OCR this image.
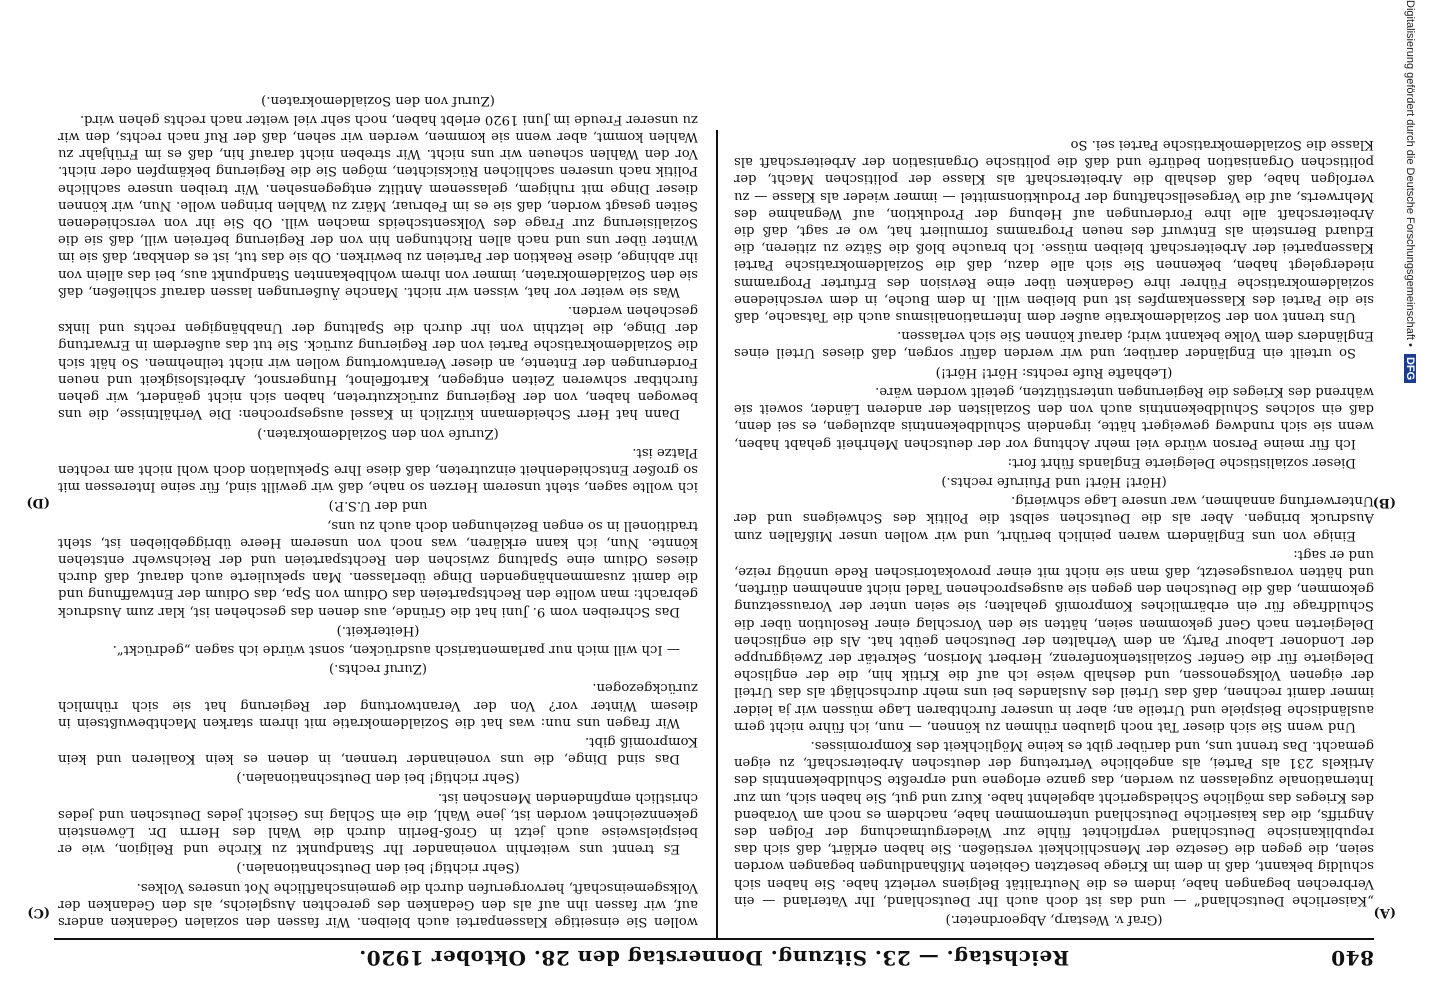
840
Reichstag. — 23. Sitzung. Donnerstag den 28. Oktober 1920.
(A)
(B)
(C)
(D)

(Graf v. Westarp, Abgeordneter.)

„Kaiserliche Deutschland“ — und das ist doch auch Ihr Deutschland, Ihr Vaterland — ein Verbrechen begangen habe, indem es die Neutralität Belgiens verletzt habe. Sie haben sich schuldig bekannt, daß in dem im Kriege besetzten Gebieten Mißhandlungen begangen worden seien, die gegen die Gesetze der Menschlichkeit verstießen. Sie haben erklärt, daß sich das republikanische Deutschland verpflichtet fühle zur Wiedergutmachung der Folgen des Angriffs, die das kaiserliche Deutschland unternommen habe, nachdem es noch am Vorabend des Krieges das mögliche Schiedsgericht abgelehnt habe. Kurz und gut, Sie haben sich, um zur Internationale zugelassen zu werden, das ganze erlogene und erpreßte Schuldbekenntnis des Artikels 231 als Partei, als angebliche Vertretung der deutschen Arbeiterschaft, zu eigen gemacht. Das trennt uns, und darüber gibt es keine Möglichkeit des Kompromisses.

Und wenn Sie sich dieser Tat noch glauben rühmen zu können, — nun, ich führe nicht gern ausländische Beispiele und Urteile an; aber in unserer furchtbaren Lage müssen wir ja leider immer damit rechnen, daß das Urteil des Auslandes bei uns mehr durchschlägt als das Urteil der eigenen Volksgenossen, und deshalb weise ich auf die Kritik hin, die der englische Delegierte für die Genfer Sozialistenkonferenz, Herbert Morison, Sekretär der Zweiggruppe der Londoner Labour Party, an dem Verhalten der Deutschen geübt hat. Als die englischen Delegierten nach Genf gekommen seien, hätten sie den Vorschlag einer Resolution über die Schuldfrage für ein erbärmliches Kompromiß gehalten; sie seien unter der Voraussetzung gekommen, daß die Deutschen den gegen sie ausgesprochenen Tadel nicht annehmen dürften, und hätten vorausgesetzt, daß man sie nicht mit einer provokatorischen Rede unnötig reize, und er sagt:

Einige von uns Engländern waren peinlich berührt, und wir wollen unser Mißfallen zum Ausdruck bringen. Aber als die Deutschen selbst die Politik des Schweigens und der Unterwerfung annahmen, war unsere Lage schwierig.

(Hört! Hört! und Pfuirufe rechts.)

Dieser sozialistische Delegierte Englands führt fort:

Ich für meine Person würde viel mehr Achtung vor der deutschen Mehrheit gehabt haben, wenn sie sich rundweg geweigert hätte, irgendein Schuldbekenntnis abzulegen, es sei denn, daß ein solches Schuldbekenntnis auch von den Sozialisten der anderen Länder, soweit sie während des Krieges die Regierungen unterstützten, geteilt worden wäre.

(Lebhafte Rufe rechts: Hört! Hört!)

So urteilt ein Engländer darüber, und wir werden dafür sorgen, daß dieses Urteil eines Engländers dem Volke bekannt wird; darauf können Sie sich verlassen.

Uns trennt von der Sozialdemokratie außer dem Internationalismus auch die Tatsache, daß sie die Partei des Klassenkampfes ist und bleiben will. In dem Buche, in dem verschiedene sozialdemokratische Führer ihre Gedanken über eine Revision des Erfurter Programms niedergelegt haben, bekennen Sie sich alle dazu, daß die Sozialdemokratische Partei Klassenpartei der Arbeiterschaft bleiben müsse. Ich brauche bloß die Sätze zu zitieren, die Eduard Bernstein als Entwurf des neuen Programms formuliert hat, wo er sagt, daß die Arbeiterschaft alle ihre Forderungen auf Hebung der Produktion, auf Wegnahme des Mehrwerts, auf die Vergesellschaftung der Produktionsmittel — immer wieder als Klasse — zu verfolgen habe, daß deshalb die Arbeiterschaft als Klasse der politischen Macht, der politischen Organisation bedürfe und daß die politische Organisation der Arbeiterschaft als Klasse die Sozialdemokratische Partei sei. So

wollen Sie einseitige Klassenpartei auch bleiben. Wir fassen den sozialen Gedanken anders auf, wir fassen ihn auf als den Gedanken des gerechten Ausgleichs, als den Gedanken der Volksgemeinschaft, hervorgerufen durch die gemeinschaftliche Not unseres Volkes.

(Sehr richtig! bei den Deutschnationalen.)

Es trennt uns weiterhin voneinander Ihr Standpunkt zu Kirche und Religion, wie er beispielsweise auch jetzt in Groß-Berlin durch die Wahl des Herrn Dr. Löwenstein gekennzeichnet worden ist, jene Wahl, die ein Schlag ins Gesicht jedes Deutschen und jedes christlich empfindenden Menschen ist.

(Sehr richtig! bei den Deutschnationalen.)

Das sind Dinge, die uns voneinander trennen, in denen es kein Koalieren und kein Kompromiß gibt.

Wir fragen uns nun: was hat die Sozialdemokratie mit ihrem starken Machtbewußtsein in diesem Winter vor? Von der Verantwortung der Regierung hat sie sich rühmlich zurückgezogen.

(Zuruf rechts.)

— Ich will mich nur parlamentarisch ausdrücken, sonst würde ich sagen „gedrückt“.

(Heiterkeit.)

Das Schreiben vom 9. Juni hat die Gründe, aus denen das geschehen ist, klar zum Ausdruck gebracht: man wollte den Rechtsparteien das Odium von Spa, das Odium der Entwaffnung und die damit zusammenhängenden Dinge überlassen. Man spekulierte auch darauf, daß durch dieses Odium eine Spaltung zwischen den Rechtsparteien und der Reichswehr entstehen könnte. Nun, ich kann erklären, was noch von unserem Heere übriggeblieben ist, steht traditionell in so engen Beziehungen doch auch zu uns,

und der U.S.P.)

ich wollte sagen, steht unserem Herzen so nahe, daß wir gewillt sind, für seine Interessen mit so großer Entschiedenheit einzutreten, daß diese Ihre Spekulation doch wohl nicht am rechten Platze ist.

(Zurufe von den Sozialdemokraten.)

Dann hat Herr Scheidemann kürzlich in Kassel ausgesprochen: Die Verhältnisse, die uns bewogen haben, von der Regierung zurückzutreten, haben sich nicht geändert, wir gehen furchtbar schweren Zeiten entgegen, Kartoffelnot, Hungersnot, Arbeitslosigkeit und neuen Forderungen der Entente, an dieser Verantwortung wollen wir nicht teilnehmen. So hält sich die Sozialdemokratische Partei von der Regierung zurück. Sie tut das außerdem in Erwartung der Dinge, die letzthin von ihr durch die Spaltung der Unabhängigen rechts und links geschehen werden.

Was sie weiter vor hat, wissen wir nicht. Manche Äußerungen lassen darauf schließen, daß sie den Sozialdemokraten, immer von ihrem wohlbekannten Standpunkt aus, bei das allein von ihr abhinge, diese Reaktion der Parteien zu bewirken. Ob sie das tut, ist es denkbar, daß sie im Winter über uns und nach allen Richtungen hin von der Regierung befreien will, daß sie die Sozialisierung zur Frage des Volksentscheids machen will. Ob Sie ihr von verschiedenen Seiten gesagt worden, daß sie es im Februar, März zu Wahlen bringen wolle. Nun, wir können dieser Dinge mit ruhigem, gelassenem Antlitz entgegensehen. Wir treiben unsere sachliche Politik nach unseren sachlichen Rücksichten, mögen Sie die Regierung bekämpfen oder nicht. Vor den Wahlen scheuen wir uns nicht. Wir streben nicht darauf hin, daß es im Frühjahr zu Wahlen kommt, aber wenn sie kommen, werden wir sehen, daß der Ruf nach rechts, den wir zu unserer Freude im Juni 1920 erlebt haben, noch sehr viel weiter nach rechts gehen wird.

(Zuruf von den Sozialdemokraten.)	Digitalisierung gefördert durch die Deutsche Forschungsgemeinschaft • DFG
